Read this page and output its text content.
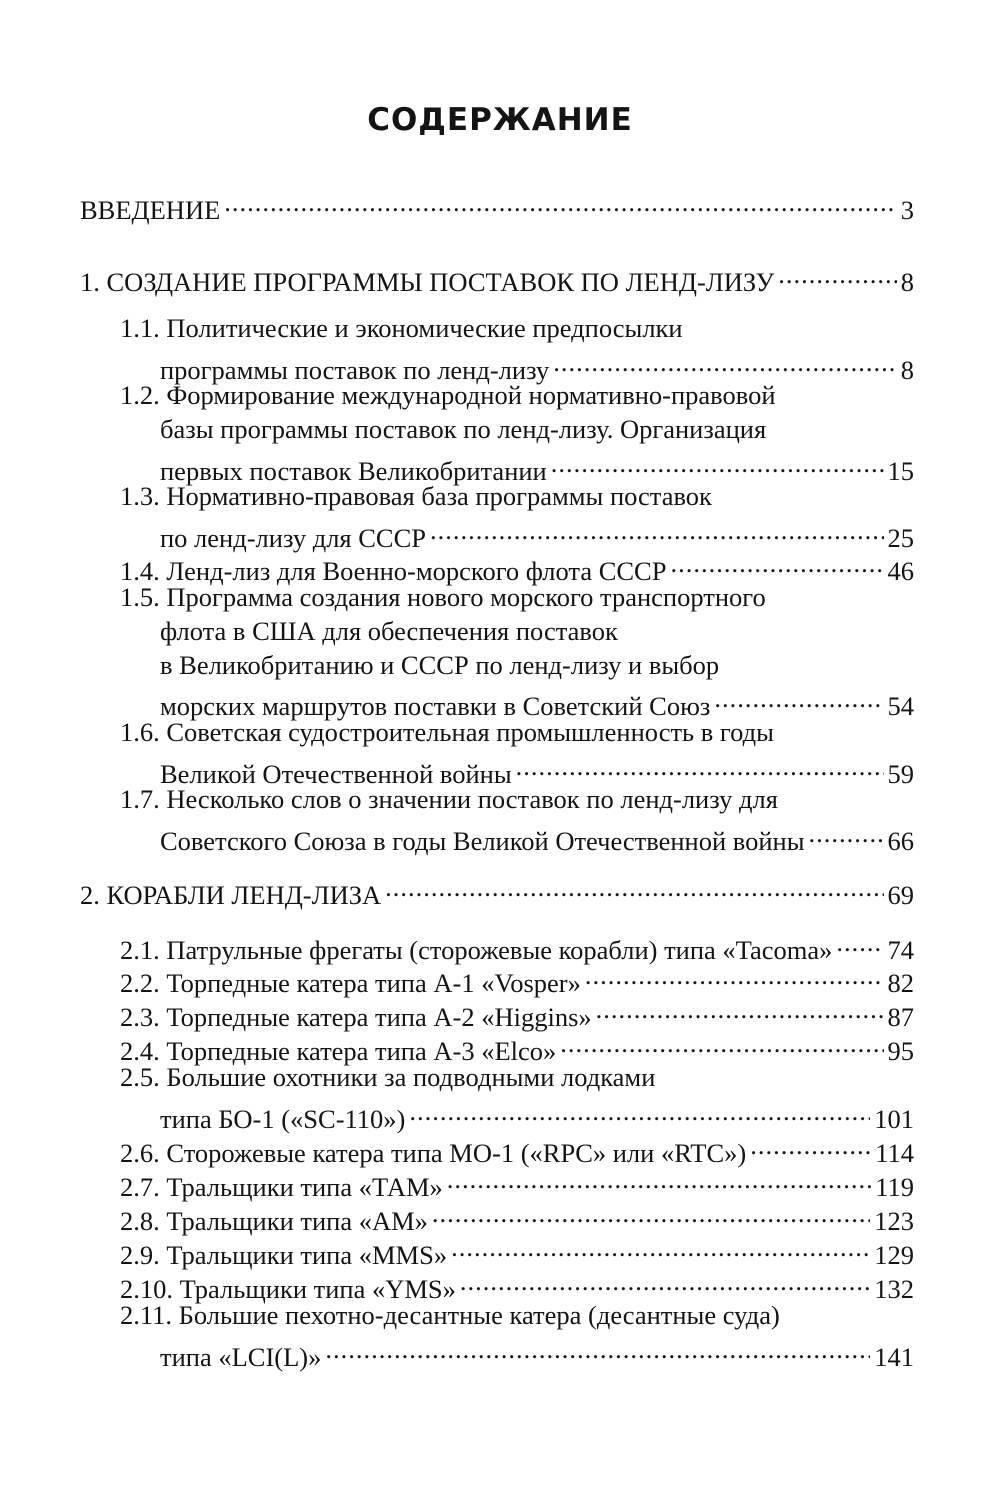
СОДЕРЖАНИЕ
ВВЕДЕНИЕ .....	3
1. СОЗДАНИЕ ПРОГРАММЫ ПОСТАВОК ПО ЛЕНД-ЛИЗУ .....	8
1.1. Политические и экономические предпосылки
программы поставок по ленд-лизу .....	8
1.2. Формирование международной нормативно-правовой
базы программы поставок по ленд-лизу. Организация
первых поставок Великобритании .....	15
1.3. Нормативно-правовая база программы поставок
по ленд-лизу для СССР .....	25
1.4. Ленд-лиз для Военно-морского флота СССР .....	46
1.5. Программа создания нового морского транспортного
флота в США для обеспечения поставок
в Великобританию и СССР по ленд-лизу и выбор
морских маршрутов поставки в Советский Союз .....	54
1.6. Советская судостроительная промышленность в годы
Великой Отечественной войны .....	59
1.7. Несколько слов о значении поставок по ленд-лизу для
Советского Союза в годы Великой Отечественной войны .....	66
2. КОРАБЛИ ЛЕНД-ЛИЗА .....	69
2.1. Патрульные фрегаты (сторожевые корабли) типа «Tacoma» ..... 74
2.2. Торпедные катера типа А-1 «Vosper» .....	82
2.3. Торпедные катера типа А-2 «Higgins» .....	87
2.4. Торпедные катера типа А-3 «Elco» .....	95
2.5. Большие охотники за подводными лодками
типа БО-1 («SC-110») .....	101
2.6. Сторожевые катера типа МО-1 («RPC» или «RTC») .....	114
2.7. Тральщики типа «ТАМ» .....	119
2.8. Тральщики типа «АМ» .....	123
2.9. Тральщики типа «MMS» .....	129
2.10. Тральщики типа «YMS» .....	132
2.11. Большие пехотно-десантные катера (десантные суда)
типа «LCI(L)» .....	141
